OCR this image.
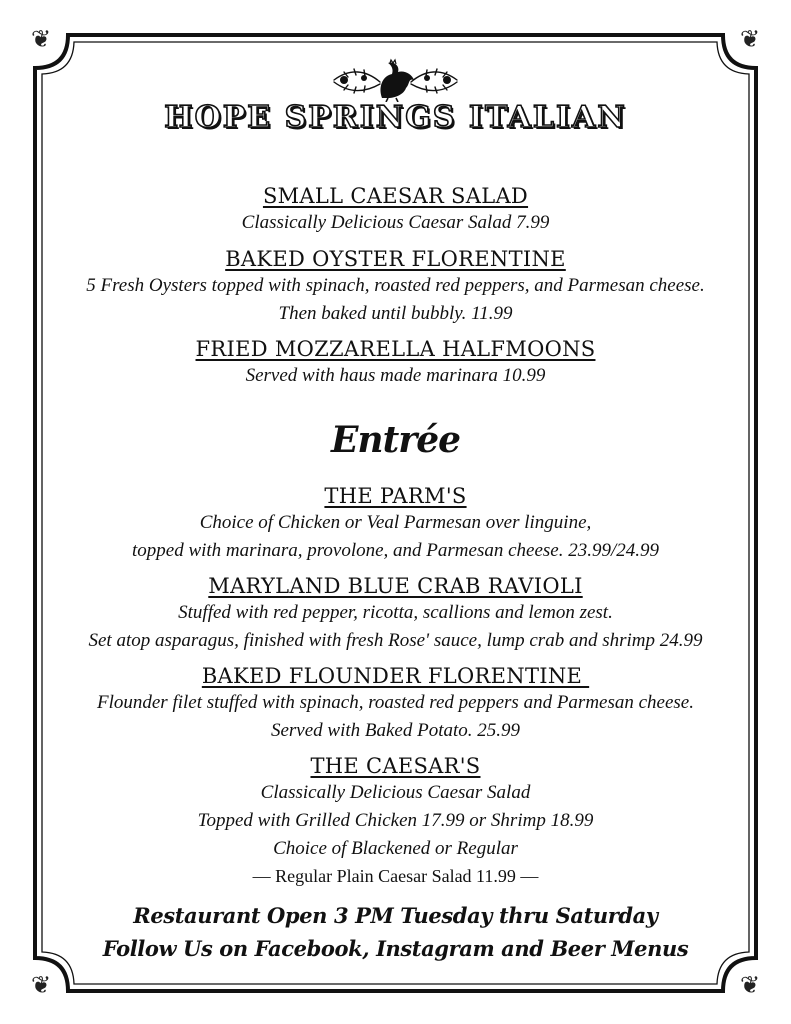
❦	❦
❦	❦
HOPE SPRINGS ITALIAN
SMALL CAESAR SALAD
Classically Delicious Caesar Salad 7.99
BAKED OYSTER FLORENTINE
5 Fresh Oysters topped with spinach, roasted red peppers, and Parmesan cheese.
Then baked until bubbly. 11.99
FRIED MOZZARELLA HALFMOONS
Served with haus made marinara 10.99
Entrée
THE PARM'S
Choice of Chicken or Veal Parmesan over linguine,
topped with marinara, provolone, and Parmesan cheese. 23.99/24.99
MARYLAND BLUE CRAB RAVIOLI
Stuffed with red pepper, ricotta, scallions and lemon zest.
Set atop asparagus, finished with fresh Rose' sauce, lump crab and shrimp 24.99
BAKED FLOUNDER FLORENTINE
Flounder filet stuffed with spinach, roasted red peppers and Parmesan cheese.
Served with Baked Potato. 25.99
THE CAESAR'S
Classically Delicious Caesar Salad
Topped with Grilled Chicken 17.99 or Shrimp 18.99
Choice of Blackened or Regular
— Regular Plain Caesar Salad 11.99 —
Restaurant Open 3 PM Tuesday thru Saturday
Follow Us on Facebook, Instagram and Beer Menus
